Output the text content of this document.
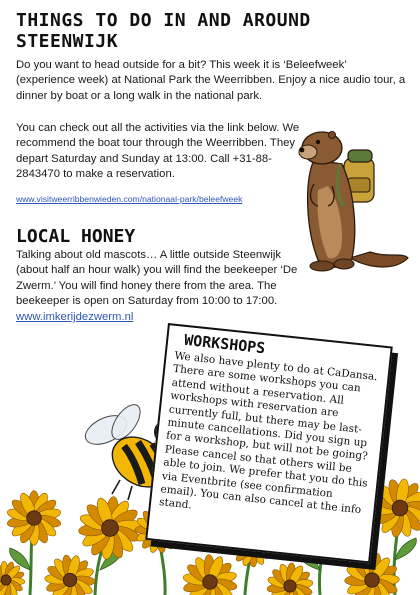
THINGS TO DO IN AND AROUND STEENWIJK

Do you want to head outside for a bit? This week it is ‘Beleefweek’ (experience week) at National Park the Weerribben. Enjoy a nice audio tour, a dinner by boat or a long walk in the national park.

You can check out all the activities via the link below. We recommend the boat tour through the Weerribben. They depart Saturday and Sunday at 13:00. Call +31-88-2843470 to make a reservation.

www.visitweerribbenwieden.com/nationaal-park/beleefweek
LOCAL HONEY

Talking about old mascots… A little outside Steenwijk (about half an hour walk) you will find the beekeeper ‘De Zwerm.’ You will find honey there from the area. The beekeeper is open on Saturday from 10:00 to 17:00.

www.imkerijdezwerm.nl
WORKSHOPS

We also have plenty to do at CaDansa. There are some workshops you can attend without a reservation. All workshops with reservation are currently full, but there may be last-minute cancellations. Did you sign up for a workshop, but will not be going? Please cancel so that others will be able to join. We prefer that you do this via Eventbrite (see confirmation email). You can also cancel at the info stand.
